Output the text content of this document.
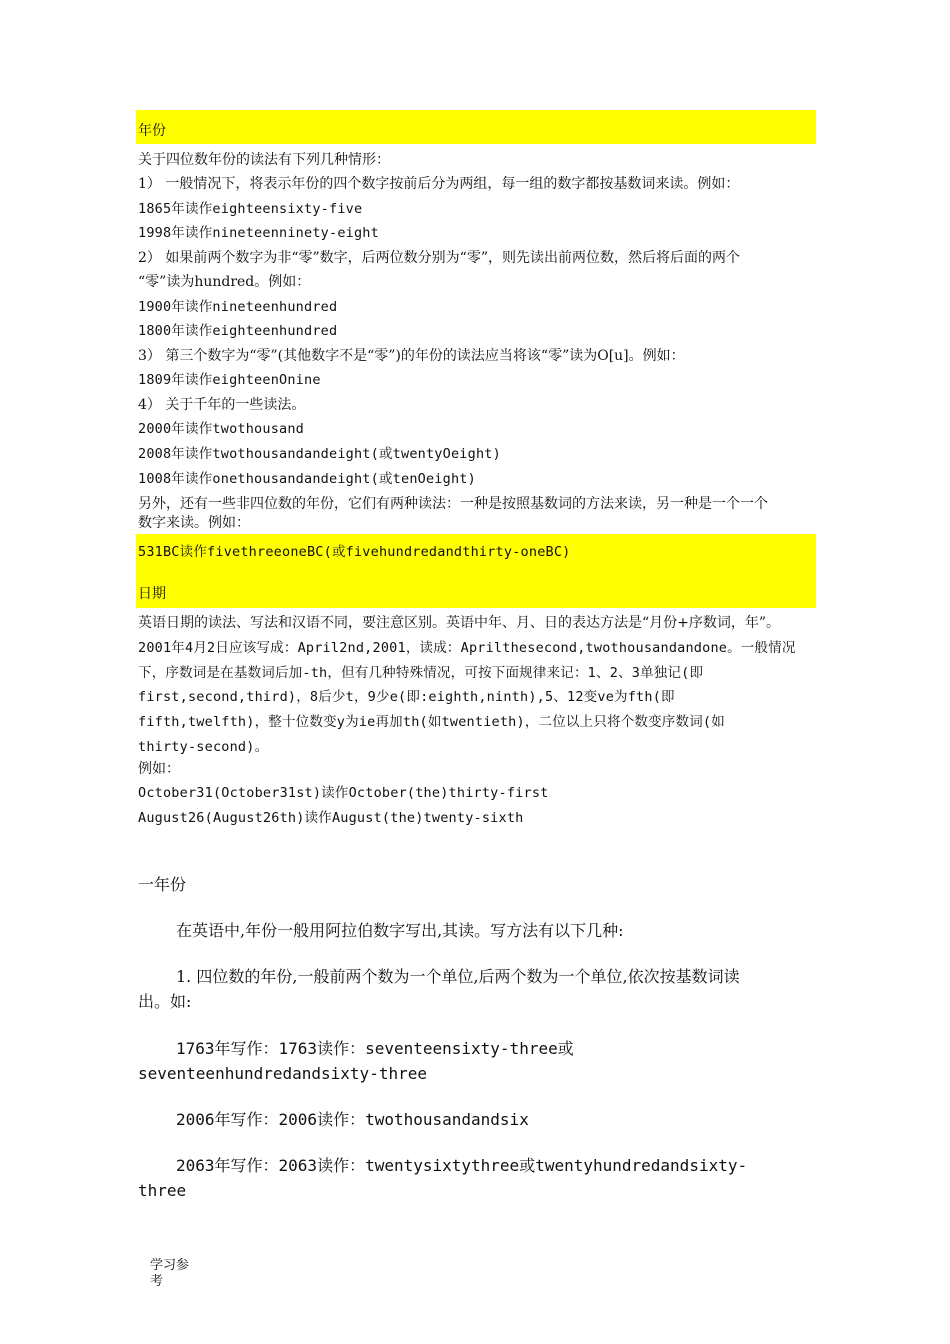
年份
关于四位数年份的读法有下列几种情形：
1） 一般情况下，将表示年份的四个数字按前后分为两组，每一组的数字都按基数词来读。例如：
1865年读作eighteensixty-five
1998年读作nineteenninety-eight
2） 如果前两个数字为非“零”数字，后两位数分别为“零”，则先读出前两位数，然后将后面的两个
“零”读为hundred。例如：
1900年读作nineteenhundred
1800年读作eighteenhundred
3） 第三个数字为“零”(其他数字不是“零”)的年份的读法应当将该“零”读为O[u]。例如：
1809年读作eighteenOnine
4） 关于千年的一些读法。
2000年读作twothousand
2008年读作twothousandandeight(或twentyOeight)
1008年读作onethousandandeight(或tenOeight)
另外，还有一些非四位数的年份，它们有两种读法：一种是按照基数词的方法来读，另一种是一个一个
数字来读。例如：
531BC读作fivethreeoneBC(或fivehundredandthirty-oneBC)
日期
英语日期的读法、写法和汉语不同，要注意区别。英语中年、月、日的表达方法是“月份+序数词，年”。
2001年4月2日应该写成：April2nd,2001，读成：Aprilthesecond,twothousandandone。一般情况
下，序数词是在基数词后加-th，但有几种特殊情况，可按下面规律来记：1、2、3单独记(即
first,second,third)，8后少t，9少e(即:eighth,ninth),5、12变ve为fth(即
fifth,twelfth)，整十位数变y为ie再加th(如twentieth)，二位以上只将个数变序数词(如
thirty-second)。
例如：
October31(October31st)读作October(the)thirty-first
August26(August26th)读作August(the)twenty-sixth
一年份
在英语中,年份一般用阿拉伯数字写出,其读。写方法有以下几种:
1. 四位数的年份,一般前两个数为一个单位,后两个数为一个单位,依次按基数词读
出。如:
1763年写作：1763读作：seventeensixty-three或
seventeenhundredandsixty-three
2006年写作：2006读作：twothousandandsix
2063年写作：2063读作：twentysixtythree或twentyhundredandsixty-
three
学习参
考
